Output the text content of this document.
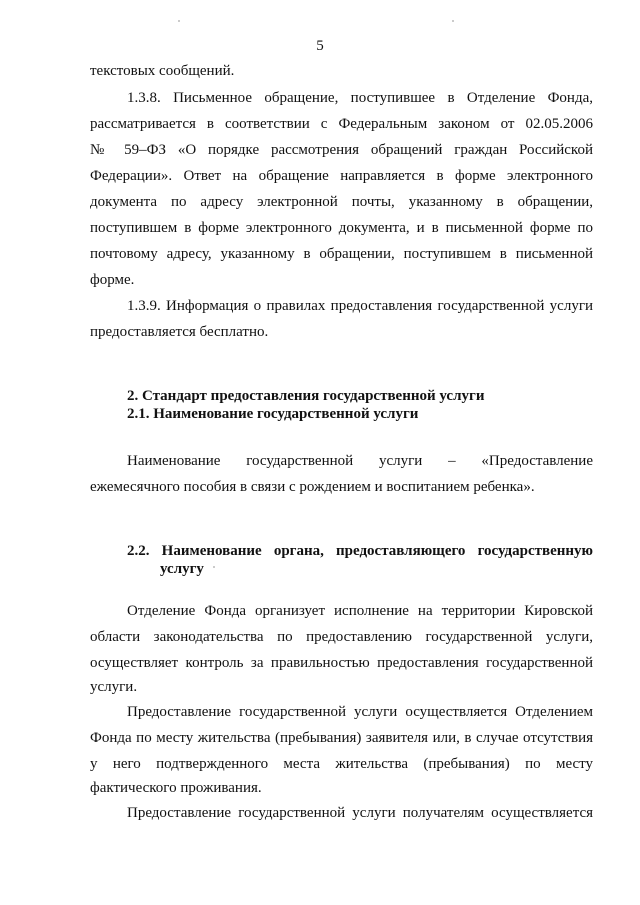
5
текстовых сообщений.
1.3.8. Письменное обращение, поступившее в Отделение Фонда,
рассматривается в соответствии с Федеральным законом от 02.05.2006
№ 59–ФЗ «О порядке рассмотрения обращений граждан Российской
Федерации». Ответ на обращение направляется в форме электронного
документа по адресу электронной почты, указанному в обращении,
поступившем в форме электронного документа, и в письменной форме по
почтовому адресу, указанному в обращении, поступившем в письменной
форме.
1.3.9. Информация о правилах предоставления государственной услуги
предоставляется бесплатно.
2. Стандарт предоставления государственной услуги
2.1. Наименование государственной услуги
Наименование государственной услуги – «Предоставление
ежемесячного пособия в связи с рождением и воспитанием ребенка».
2.2. Наименование органа, предоставляющего государственную
услугу
Отделение Фонда организует исполнение на территории Кировской
области законодательства по предоставлению государственной услуги,
осуществляет контроль за правильностью предоставления государственной
услуги.
Предоставление государственной услуги осуществляется Отделением
Фонда по месту жительства (пребывания) заявителя или, в случае отсутствия
у него подтвержденного места жительства (пребывания) по месту
фактического проживания.
Предоставление государственной услуги получателям осуществляется
